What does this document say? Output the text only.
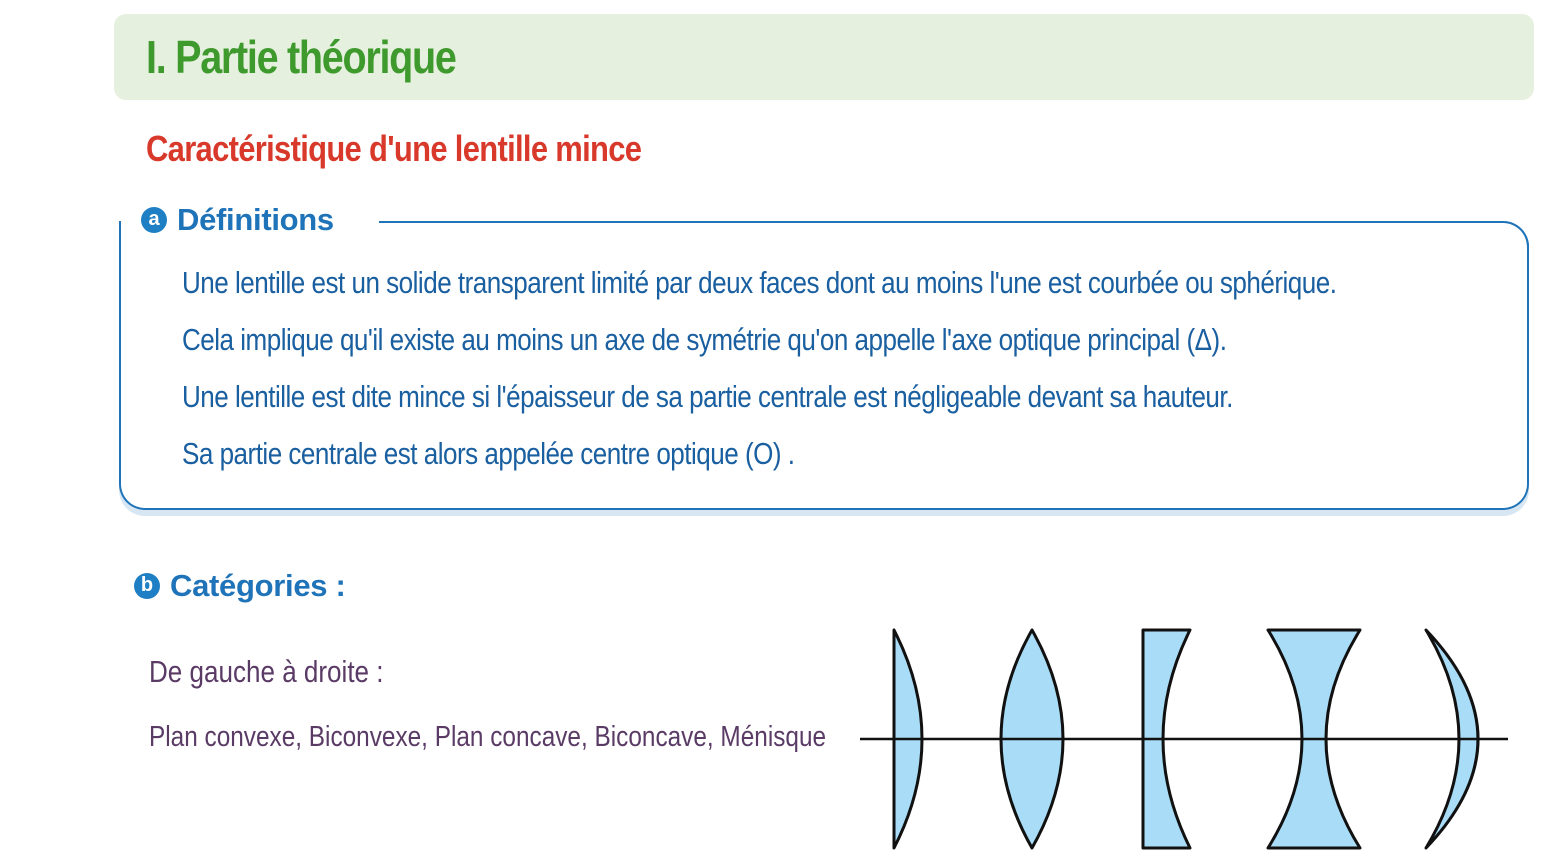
I. Partie théorique
Caractéristique d'une lentille mince
a Définitions
Une lentille est un solide transparent limité par deux faces dont au moins l'une est courbée ou sphérique.
Cela implique qu'il existe au moins un axe de symétrie qu'on appelle l'axe optique principal (Δ).
Une lentille est dite mince si l'épaisseur de sa partie centrale est négligeable devant sa hauteur.
Sa partie centrale est alors appelée centre optique (O) .
b Catégories :
De gauche à droite :
Plan convexe, Biconvexe, Plan concave, Biconcave, Ménisque
